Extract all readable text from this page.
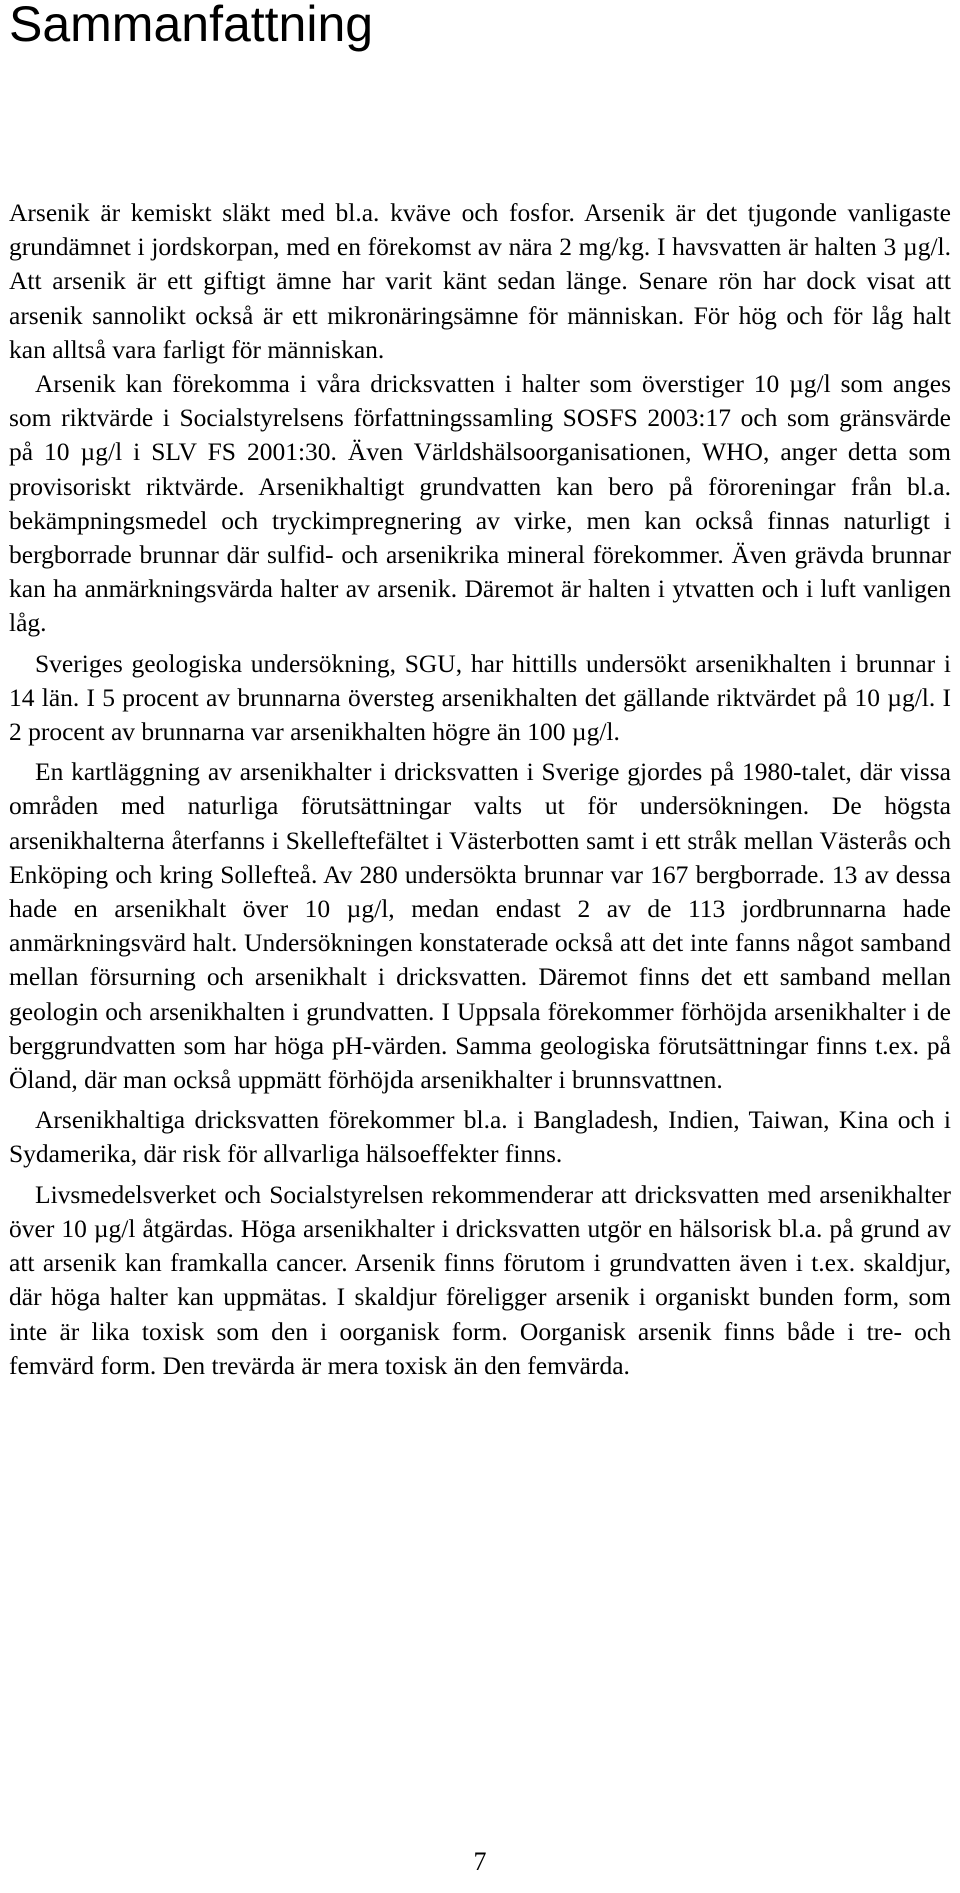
Sammanfattning

Arsenik är kemiskt släkt med bl.a. kväve och fosfor. Arsenik är det tjugonde vanligaste grundämnet i jordskorpan, med en förekomst av nära 2 mg/kg. I havsvatten är halten 3 µg/l. Att arsenik är ett giftigt ämne har varit känt sedan länge. Senare rön har dock visat att arsenik sannolikt också är ett mikronäringsämne för människan. För hög och för låg halt kan alltså vara farligt för människan.

Arsenik kan förekomma i våra dricksvatten i halter som överstiger 10 µg/l som anges som riktvärde i Socialstyrelsens författningssamling SOSFS 2003:17 och som gränsvärde på 10 µg/l i SLV FS 2001:30. Även Världshälsoorganisationen, WHO, anger detta som provisoriskt riktvärde. Arsenikhaltigt grundvatten kan bero på föroreningar från bl.a. bekämpningsmedel och tryckimpregnering av virke, men kan också finnas naturligt i bergborrade brunnar där sulfid- och arsenikrika mineral förekommer. Även grävda brunnar kan ha anmärkningsvärda halter av arsenik. Däremot är halten i ytvatten och i luft vanligen låg.

Sveriges geologiska undersökning, SGU, har hittills undersökt arsenikhalten i brunnar i 14 län. I 5 procent av brunnarna översteg arsenikhalten det gällande riktvärdet på 10 µg/l. I 2 procent av brunnarna var arsenikhalten högre än 100 µg/l.

En kartläggning av arsenikhalter i dricksvatten i Sverige gjordes på 1980-talet, där vissa områden med naturliga förutsättningar valts ut för undersökningen. De högsta arsenikhalterna återfanns i Skelleftefältet i Västerbotten samt i ett stråk mellan Västerås och Enköping och kring Sollefteå. Av 280 undersökta brunnar var 167 bergborrade. 13 av dessa hade en arsenikhalt över 10 µg/l, medan endast 2 av de 113 jordbrunnarna hade anmärkningsvärd halt. Undersökningen konstaterade också att det inte fanns något samband mellan försurning och arsenikhalt i dricksvatten. Däremot finns det ett samband mellan geologin och arsenikhalten i grundvatten. I Uppsala förekommer förhöjda arsenikhalter i de berggrundvatten som har höga pH-värden. Samma geologiska förutsättningar finns t.ex. på Öland, där man också uppmätt förhöjda arsenikhalter i brunnsvattnen.

Arsenikhaltiga dricksvatten förekommer bl.a. i Bangladesh, Indien, Taiwan, Kina och i Sydamerika, där risk för allvarliga hälsoeffekter finns.

Livsmedelsverket och Socialstyrelsen rekommenderar att dricksvatten med arsenikhalter över 10 µg/l åtgärdas. Höga arsenikhalter i dricksvatten utgör en hälsorisk bl.a. på grund av att arsenik kan framkalla cancer. Arsenik finns förutom i grundvatten även i t.ex. skaldjur, där höga halter kan uppmätas. I skaldjur föreligger arsenik i organiskt bunden form, som inte är lika toxisk som den i oorganisk form. Oorganisk arsenik finns både i tre- och femvärd form. Den trevärda är mera toxisk än den femvärda.

7
